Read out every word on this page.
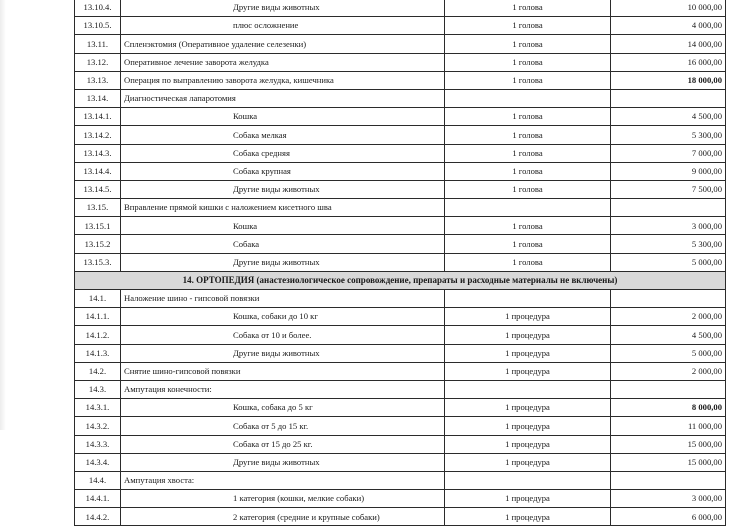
13.10.4.	Другие виды животных	1 голова	10 000,00
13.10.5.	плюс осложнение	1 голова	4 000,00
13.11.	Спленэктомия (Оперативное удаление селезенки)	1 голова	14 000,00
13.12.	Оперативное лечение заворота желудка	1 голова	16 000,00
13.13.	Операция по выправлению заворота желудка, кишечника	1 голова	18 000,00
13.14.	Диагностическая лапаротомия		
13.14.1.	Кошка	1 голова	4 500,00
13.14.2.	Собака мелкая	1 голова	5 300,00
13.14.3.	Собака средняя	1 голова	7 000,00
13.14.4.	Собака крупная	1 голова	9 000,00
13.14.5.	Другие виды животных	1 голова	7 500,00
13.15.	Вправление прямой кишки с наложением кисетного шва		
13.15.1	Кошка	1 голова	3 000,00
13.15.2	Собака	1 голова	5 300,00
13.15.3.	Другие виды животных	1 голова	5 000,00
14. ОРТОПЕДИЯ (анастезиологическое сопровождение, препараты и расходные материалы не включены)			
14.1.	Наложение шино - гипсовой повязки		
14.1.1.	Кошка, собаки до 10 кг	1 процедура	2 000,00
14.1.2.	Собака от 10 и более.	1 процедура	4 500,00
14.1.3.	Другие виды животных	1 процедура	5 000,00
14.2.	Снятие шино-гипсовой повязки	1 процедура	2 000,00
14.3.	Ампутация конечности:		
14.3.1.	Кошка, собака до 5 кг	1 процедура	8 000,00
14.3.2.	Собака от 5 до 15 кг.	1 процедура	11 000,00
14.3.3.	Собака от 15 до 25 кг.	1 процедура	15 000,00
14.3.4.	Другие виды животных	1 процедура	15 000,00
14.4.	Ампутация хвоста:		
14.4.1.	1 категория (кошки, мелкие собаки)	1 процедура	3 000,00
14.4.2.	2 категория (средние и крупные собаки)	1 процедура	6 000,00
